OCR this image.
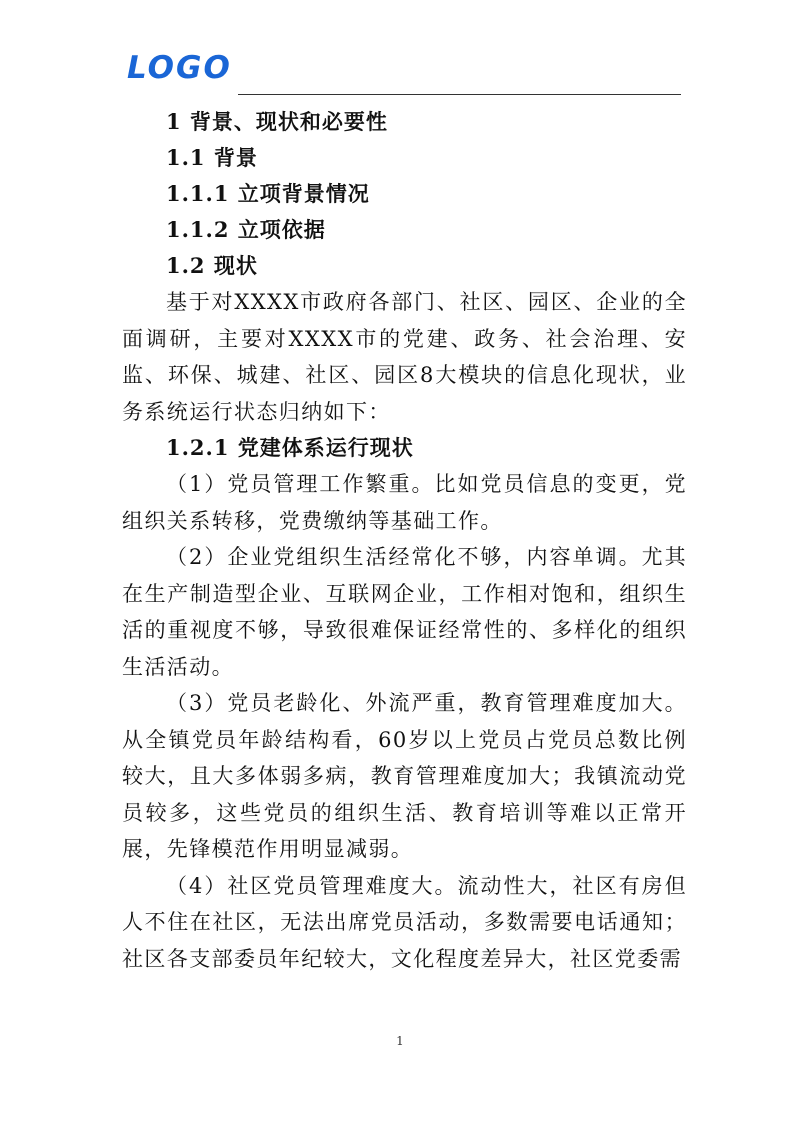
LOGO

1 背景、现状和必要性

1.1 背景

1.1.1 立项背景情况

1.1.2 立项依据

1.2 现状

基于对XXXX市政府各部门、社区、园区、企业的全面调研，主要对XXXX市的党建、政务、社会治理、安监、环保、城建、社区、园区8大模块的信息化现状，业务系统运行状态归纳如下：

1.2.1 党建体系运行现状

（1）党员管理工作繁重。比如党员信息的变更，党组织关系转移，党费缴纳等基础工作。

（2）企业党组织生活经常化不够，内容单调。尤其在生产制造型企业、互联网企业，工作相对饱和，组织生活的重视度不够，导致很难保证经常性的、多样化的组织生活活动。

（3）党员老龄化、外流严重，教育管理难度加大。从全镇党员年龄结构看，60岁以上党员占党员总数比例较大，且大多体弱多病，教育管理难度加大；我镇流动党员较多，这些党员的组织生活、教育培训等难以正常开展，先锋模范作用明显减弱。

（4）社区党员管理难度大。流动性大，社区有房但人不住在社区，无法出席党员活动，多数需要电话通知；社区各支部委员年纪较大，文化程度差异大，社区党委需

1
